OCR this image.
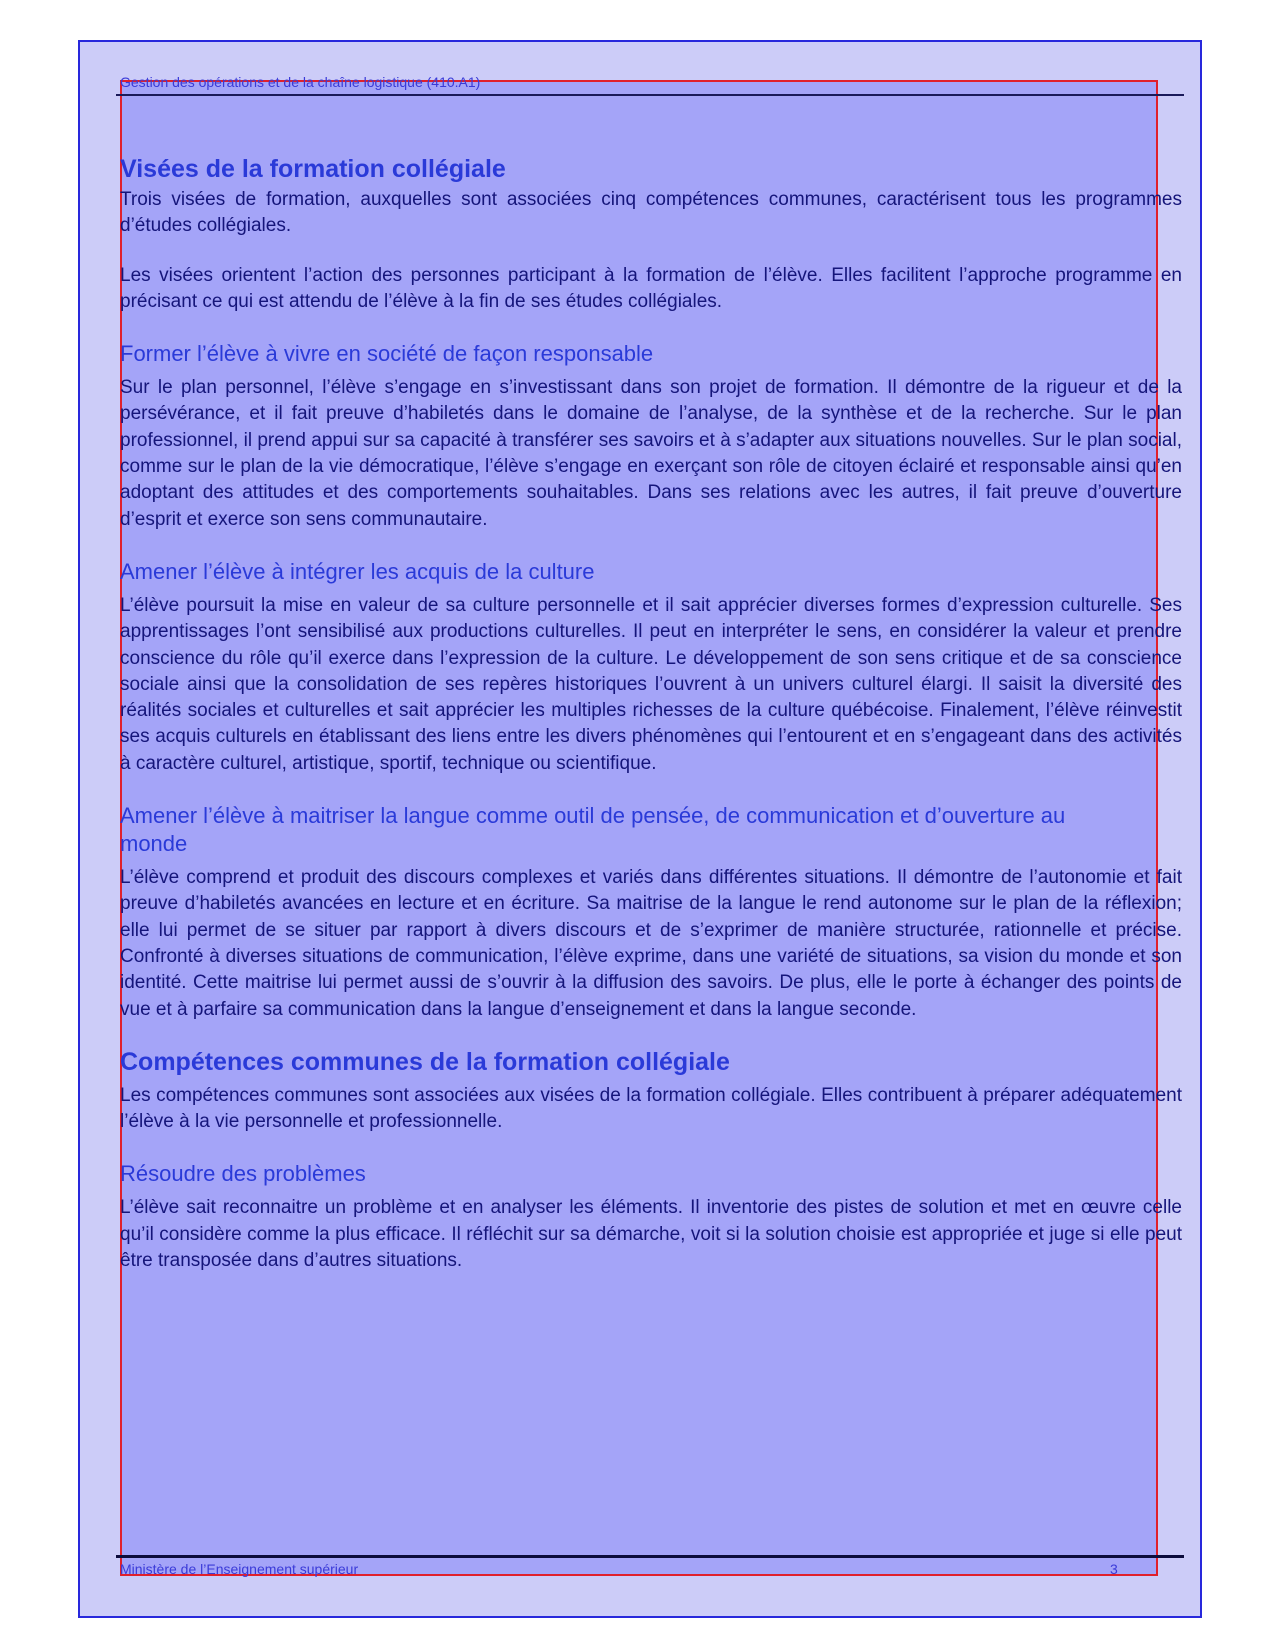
Gestion des opérations et de la chaîne logistique (410.A1)
Visées de la formation collégiale

Trois visées de formation, auxquelles sont associées cinq compétences communes, caractérisent tous les programmes d’études collégiales.

Les visées orientent l’action des personnes participant à la formation de l’élève. Elles facilitent l’approche programme en précisant ce qui est attendu de l’élève à la fin de ses études collégiales.

Former l’élève à vivre en société de façon responsable

Sur le plan personnel, l’élève s’engage en s’investissant dans son projet de formation. Il démontre de la rigueur et de la persévérance, et il fait preuve d’habiletés dans le domaine de l’analyse, de la synthèse et de la recherche. Sur le plan professionnel, il prend appui sur sa capacité à transférer ses savoirs et à s’adapter aux situations nouvelles. Sur le plan social, comme sur le plan de la vie démocratique, l’élève s’engage en exerçant son rôle de citoyen éclairé et responsable ainsi qu’en adoptant des attitudes et des comportements souhaitables. Dans ses relations avec les autres, il fait preuve d’ouverture d’esprit et exerce son sens communautaire.

Amener l’élève à intégrer les acquis de la culture

L’élève poursuit la mise en valeur de sa culture personnelle et il sait apprécier diverses formes d’expression culturelle. Ses apprentissages l’ont sensibilisé aux productions culturelles. Il peut en interpréter le sens, en considérer la valeur et prendre conscience du rôle qu’il exerce dans l’expression de la culture. Le développement de son sens critique et de sa conscience sociale ainsi que la consolidation de ses repères historiques l’ouvrent à un univers culturel élargi. Il saisit la diversité des réalités sociales et culturelles et sait apprécier les multiples richesses de la culture québécoise. Finalement, l’élève réinvestit ses acquis culturels en établissant des liens entre les divers phénomènes qui l’entourent et en s’engageant dans des activités à caractère culturel, artistique, sportif, technique ou scientifique.

Amener l’élève à maitriser la langue comme outil de pensée, de communication et d’ouverture au monde

L’élève comprend et produit des discours complexes et variés dans différentes situations. Il démontre de l’autonomie et fait preuve d’habiletés avancées en lecture et en écriture. Sa maitrise de la langue le rend autonome sur le plan de la réflexion; elle lui permet de se situer par rapport à divers discours et de s’exprimer de manière structurée, rationnelle et précise. Confronté à diverses situations de communication, l’élève exprime, dans une variété de situations, sa vision du monde et son identité. Cette maitrise lui permet aussi de s’ouvrir à la diffusion des savoirs. De plus, elle le porte à échanger des points de vue et à parfaire sa communication dans la langue d’enseignement et dans la langue seconde.

Compétences communes de la formation collégiale

Les compétences communes sont associées aux visées de la formation collégiale. Elles contribuent à préparer adéquatement l’élève à la vie personnelle et professionnelle.

Résoudre des problèmes

L’élève sait reconnaitre un problème et en analyser les éléments. Il inventorie des pistes de solution et met en œuvre celle qu’il considère comme la plus efficace. Il réfléchit sur sa démarche, voit si la solution choisie est appropriée et juge si elle peut être transposée dans d’autres situations.

Ministère de l’Enseignement supérieur	3
